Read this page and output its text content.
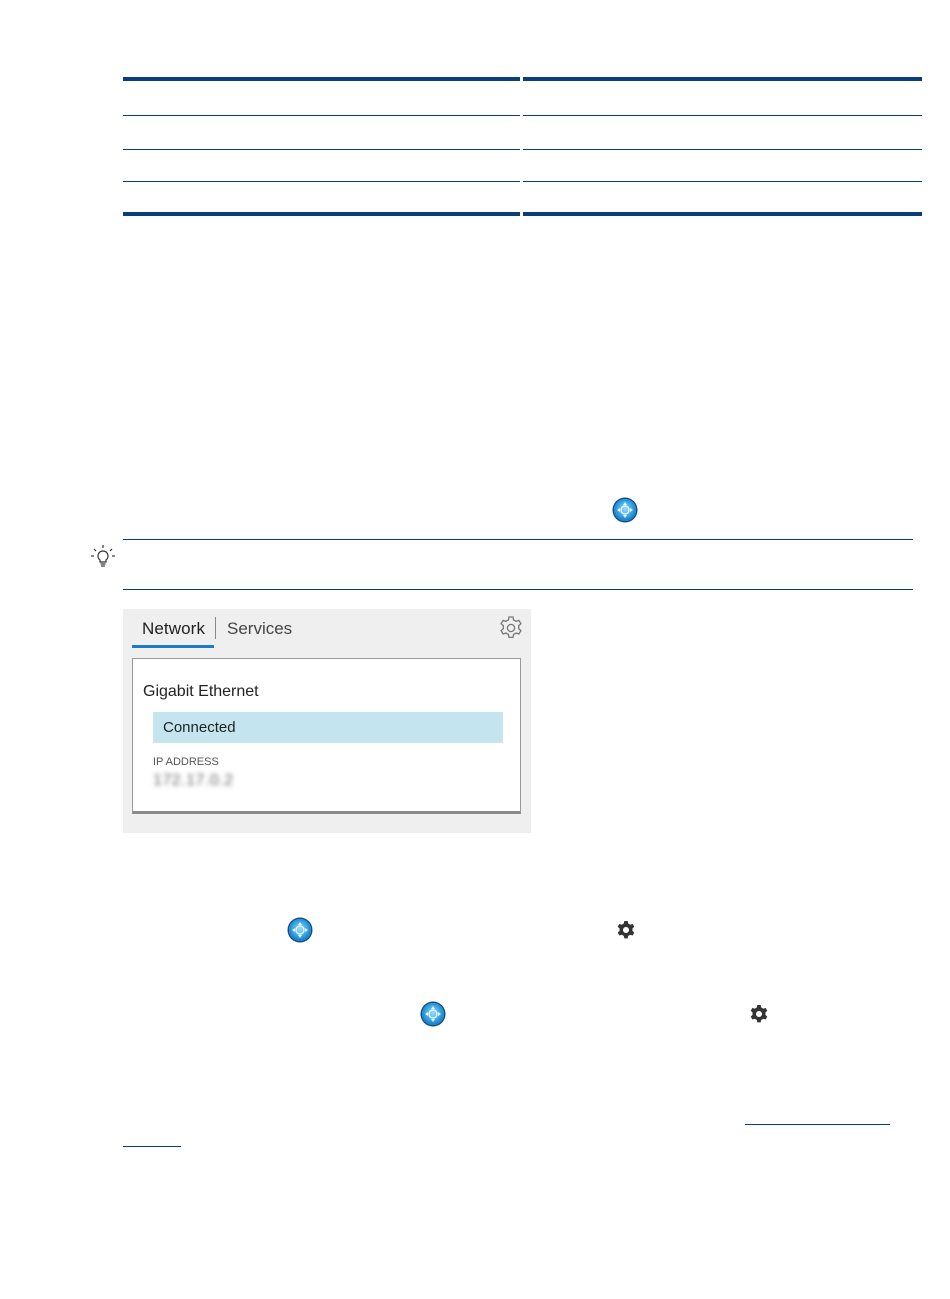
Network Services
Gigabit Ethernet
Connected
IP ADDRESS
172.17.0.2
